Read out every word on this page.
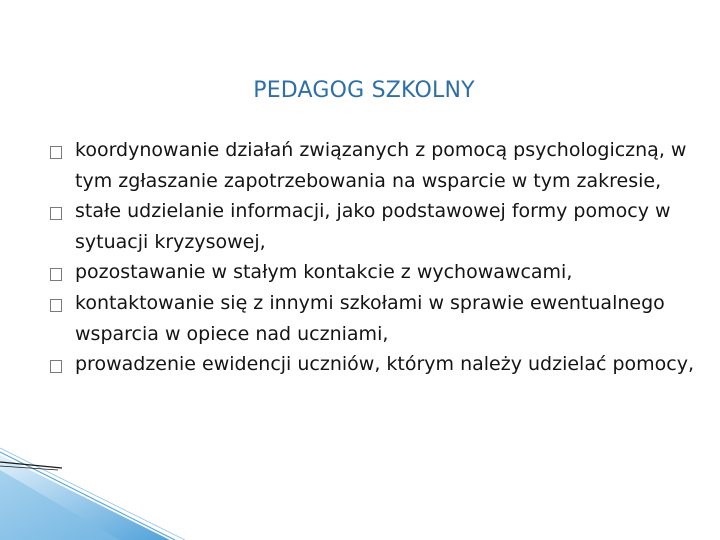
PEDAGOG SZKOLNY
koordynowanie działań związanych z pomocą psychologiczną, w tym zgłaszanie zapotrzebowania na wsparcie w tym zakresie,
stałe udzielanie informacji, jako podstawowej formy pomocy w sytuacji kryzysowej,
pozostawanie w stałym kontakcie z wychowawcami,
kontaktowanie się z innymi szkołami w sprawie ewentualnego wsparcia w opiece nad uczniami,
prowadzenie ewidencji uczniów, którym należy udzielać pomocy,
